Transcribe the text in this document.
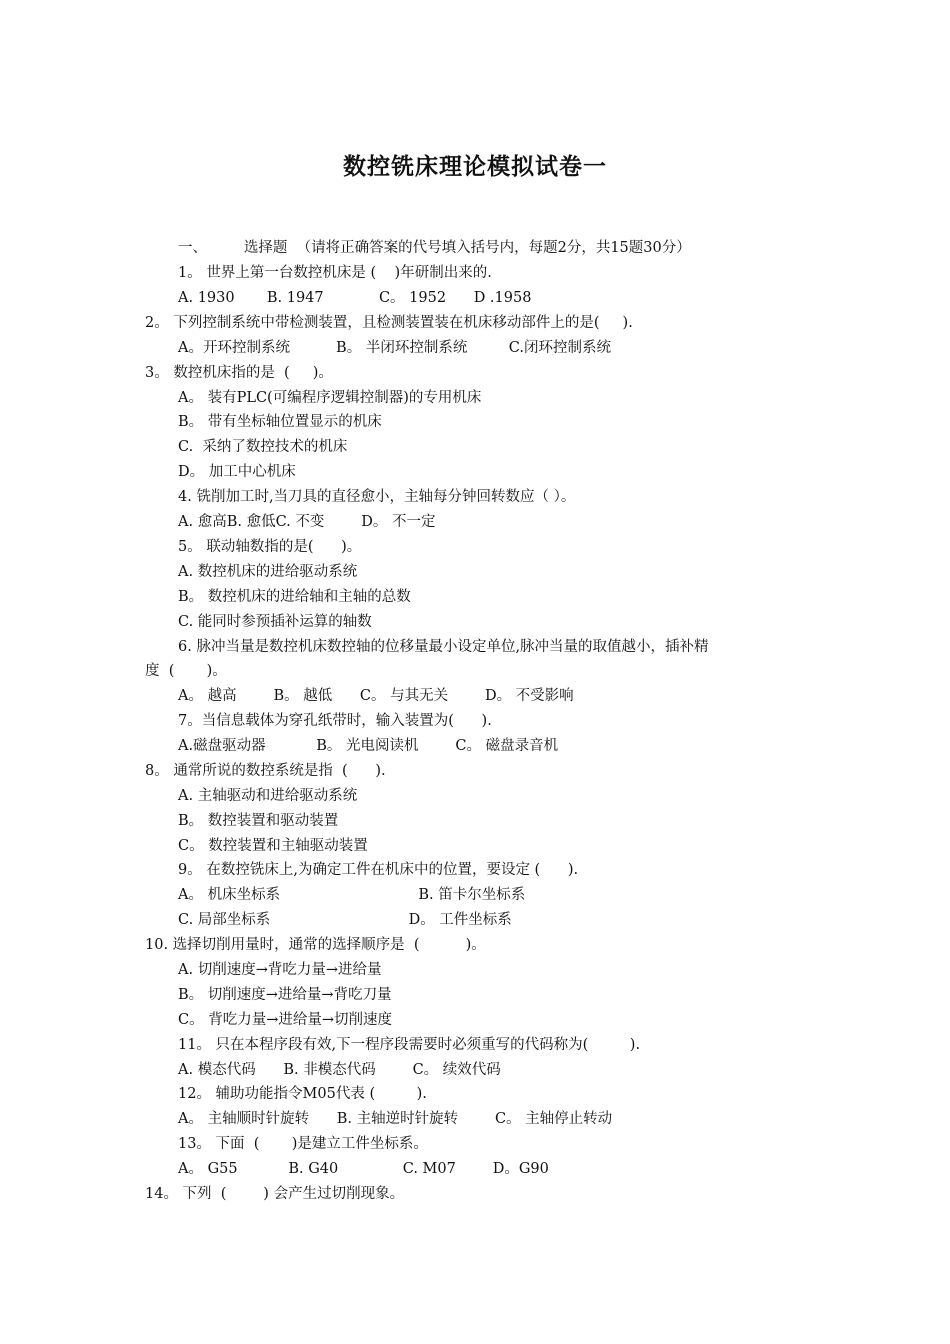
数控铣床理论模拟试卷一
一、        选择题  （请将正确答案的代号填入括号内，每题2分，共15题30分）
1。 世界上第一台数控机床是 (    )年研制出来的.
A. 1930       B. 1947            C。 1952      D .1958
2。 下列控制系统中带检测装置，且检测装置装在机床移动部件上的是(     ).
A。开环控制系统          B。 半闭环控制系统         C.闭环控制系统
3。 数控机床指的是  (     )。
A。 装有PLC(可编程序逻辑控制器)的专用机床
B。 带有坐标轴位置显示的机床
C.  采纳了数控技术的机床
D。 加工中心机床
4. 铣削加工时,当刀具的直径愈小，主轴每分钟回转数应（ ）。
A. 愈高B. 愈低C. 不变        D。 不一定
5。 联动轴数指的是(      )。
A. 数控机床的进给驱动系统
B。 数控机床的进给轴和主轴的总数
C. 能同时参预插补运算的轴数
6. 脉冲当量是数控机床数控轴的位移量最小设定单位,脉冲当量的取值越小，插补精
度  (       )。
A。 越高        B。 越低      C。 与其无关        D。 不受影响
7。当信息载体为穿孔纸带时，输入装置为(      ).
A.磁盘驱动器           B。 光电阅读机        C。 磁盘录音机
8。 通常所说的数控系统是指  (      ).
A. 主轴驱动和进给驱动系统
B。 数控装置和驱动装置
C。 数控装置和主轴驱动装置
9。 在数控铣床上,为确定工件在机床中的位置，要设定 (      ).
A。 机床坐标系                              B. 笛卡尔坐标系
C. 局部坐标系                              D。 工件坐标系
10. 选择切削用量时，通常的选择顺序是  (          )。
A. 切削速度→背吃力量→进给量
B。 切削速度→进给量→背吃刀量
C。 背吃力量→进给量→切削速度
11。 只在本程序段有效,下一程序段需要时必须重写的代码称为(         ).
A. 模态代码      B. 非模态代码        C。 续效代码
12。 辅助功能指令M05代表 (         ).
A。 主轴顺时针旋转      B. 主轴逆时针旋转        C。 主轴停止转动
13。 下面  (       )是建立工件坐标系。
A。 G55           B. G40              C. M07        D。G90
14。 下列  (        ) 会产生过切削现象。
